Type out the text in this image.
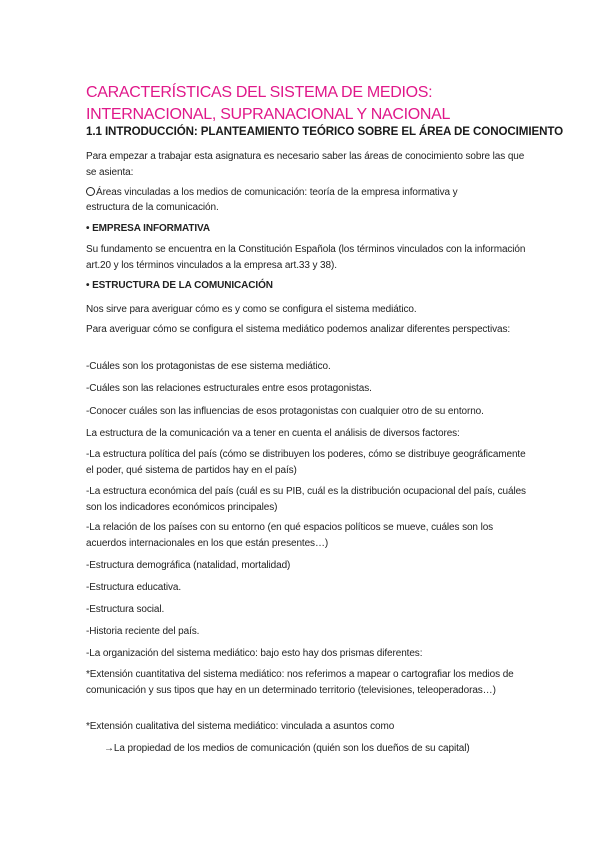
CARACTERÍSTICAS DEL SISTEMA DE MEDIOS:
INTERNACIONAL, SUPRANACIONAL Y NACIONAL
1.1 INTRODUCCIÓN: PLANTEAMIENTO TEÓRICO SOBRE EL ÁREA DE CONOCIMIENTO
Para empezar a trabajar esta asignatura es necesario saber las áreas de conocimiento sobre las que se asienta:
Áreas vinculadas a los medios de comunicación: teoría de la empresa informativa y
estructura de la comunicación.
• EMPRESA INFORMATIVA
Su fundamento se encuentra en la Constitución Española (los términos vinculados con la información art.20 y los términos vinculados a la empresa art.33 y 38).
• ESTRUCTURA DE LA COMUNICACIÓN
Nos sirve para averiguar cómo es y como se configura el sistema mediático.
Para averiguar cómo se configura el sistema mediático podemos analizar diferentes perspectivas:
-Cuáles son los protagonistas de ese sistema mediático.
-Cuáles son las relaciones estructurales entre esos protagonistas.
-Conocer cuáles son las influencias de esos protagonistas con cualquier otro de su entorno.
La estructura de la comunicación va a tener en cuenta el análisis de diversos factores:
-La estructura política del país (cómo se distribuyen los poderes, cómo se distribuye geográficamente el poder, qué sistema de partidos hay en el país)
-La estructura económica del país (cuál es su PIB, cuál es la distribución ocupacional del país, cuáles son los indicadores económicos principales)
-La relación de los países con su entorno (en qué espacios políticos se mueve, cuáles son los acuerdos internacionales en los que están presentes…)
-Estructura demográfica (natalidad, mortalidad)
-Estructura educativa.
-Estructura social.
-Historia reciente del país.
-La organización del sistema mediático: bajo esto hay dos prismas diferentes:
*Extensión cuantitativa del sistema mediático: nos referimos a mapear o cartografiar los medios de comunicación y sus tipos que hay en un determinado territorio (televisiones, teleoperadoras…)
*Extensión cualitativa del sistema mediático: vinculada a asuntos como
→La propiedad de los medios de comunicación (quién son los dueños de su capital)
